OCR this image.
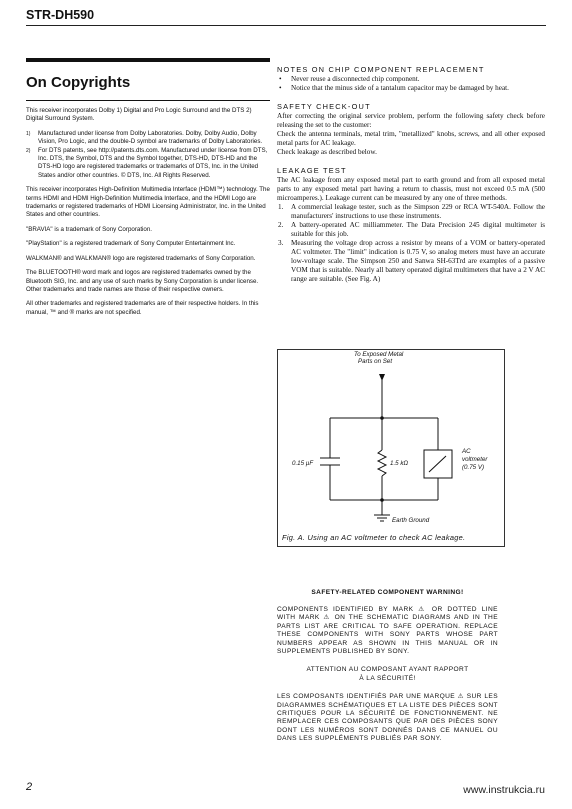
STR-DH590
On Copyrights

This receiver incorporates Dolby 1) Digital and Pro Logic Surround and the DTS 2) Digital Surround System.

1) Manufactured under license from Dolby Laboratories. Dolby, Dolby Audio, Dolby Vision, Pro Logic, and the double-D symbol are trademarks of Dolby Laboratories.

2) For DTS patents, see http://patents.dts.com. Manufactured under license from DTS, Inc. DTS, the Symbol, DTS and the Symbol together, DTS-HD, DTS-HD and the DTS-HD logo are registered trademarks or trademarks of DTS, Inc. in the United States and/or other countries. © DTS, Inc. All Rights Reserved.

This receiver incorporates High-Definition Multimedia Interface (HDMI™) technology. The terms HDMI and HDMI High-Definition Multimedia Interface, and the HDMI Logo are trademarks or registered trademarks of HDMI Licensing Administrator, Inc. in the United States and other countries.

"BRAVIA" is a trademark of Sony Corporation.

"PlayStation" is a registered trademark of Sony Computer Entertainment Inc.

WALKMAN® and WALKMAN® logo are registered trademarks of Sony Corporation.

The BLUETOOTH® word mark and logos are registered trademarks owned by the Bluetooth SIG, Inc. and any use of such marks by Sony Corporation is under license. Other trademarks and trade names are those of their respective owners.

All other trademarks and registered trademarks are of their respective holders. In this manual, ™ and ® marks are not specified.

NOTES ON CHIP COMPONENT REPLACEMENT

• Never reuse a disconnected chip component.

• Notice that the minus side of a tantalum capacitor may be damaged by heat.

SAFETY CHECK-OUT

After correcting the original service problem, perform the following safety check before releasing the set to the customer:

Check the antenna terminals, metal trim, "metallized" knobs, screws, and all other exposed metal parts for AC leakage.

Check leakage as described below.

LEAKAGE TEST

The AC leakage from any exposed metal part to earth ground and from all exposed metal parts to any exposed metal part having a return to chassis, must not exceed 0.5 mA (500 microamperes.). Leakage current can be measured by any one of three methods.

1. A commercial leakage tester, such as the Simpson 229 or RCA WT-540A. Follow the manufacturers' instructions to use these instruments.

2. A battery-operated AC milliammeter. The Data Precision 245 digital multimeter is suitable for this job.

3. Measuring the voltage drop across a resistor by means of a VOM or battery-operated AC voltmeter. The "limit" indication is 0.75 V, so analog meters must have an accurate low-voltage scale. The Simpson 250 and Sanwa SH-63Trd are examples of a passive VOM that is suitable. Nearly all battery operated digital multimeters that have a 2 V AC range are suitable. (See Fig. A)

To Exposed Metal
Parts on Set
0.15 µF	1.5 kΩ
AC
voltmeter
(0.75 V)
Earth Ground
Fig. A. Using an AC voltmeter to check AC leakage.
SAFETY-RELATED COMPONENT WARNING!

COMPONENTS IDENTIFIED BY MARK ⚠ OR DOTTED LINE WITH MARK ⚠ ON THE SCHEMATIC DIAGRAMS AND IN THE PARTS LIST ARE CRITICAL TO SAFE OPERATION. REPLACE THESE COMPONENTS WITH SONY PARTS WHOSE PART NUMBERS APPEAR AS SHOWN IN THIS MANUAL OR IN SUPPLEMENTS PUBLISHED BY SONY.

ATTENTION AU COMPOSANT AYANT RAPPORT
À LA SÉCURITÉ!

LES COMPOSANTS IDENTIFIÉS PAR UNE MARQUE ⚠ SUR LES DIAGRAMMES SCHÉMATIQUES ET LA LISTE DES PIÈCES SONT CRITIQUES POUR LA SÉCURITÉ DE FONCTIONNEMENT. NE REMPLACER CES COMPOSANTS QUE PAR DES PIÈCES SONY DONT LES NUMÉROS SONT DONNÉS DANS CE MANUEL OU DANS LES SUPPLÉMENTS PUBLIÉS PAR SONY.

2	www.instrukcia.ru
